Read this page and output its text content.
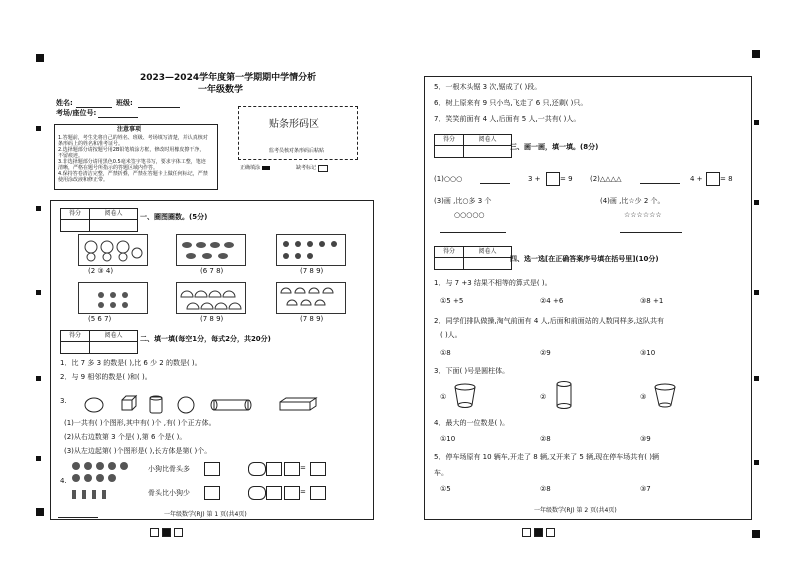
2023—2024学年度第一学期期中学情分析
一年级数学
姓名:	班级:
考场/座位号:
注意事项
1.答题前，考生先将自己的姓名、班级、考场填写清楚，并认真核对
条形码上的姓名和准考证号。
2.选择题部分请按题号用2B铅笔填涂方框，修改时用橡皮擦干净，
不留痕迹。
3.非选择题部分请用黑色0.5毫米签字笔书写，要求字体工整，笔迹
清晰，严格在题号所指示的答题区域内作答。
4.保持答卷清洁完整，严禁折叠，严禁在答题卡上做任何标记，严禁
使用涂改液和修正带。
贴条形码区
监考员核对条形码后粘贴
正确填涂	缺考标记
得分	阅卷人	一、圈图圈数。(5分)
(2 ③ 4)	(6 7 8)	(7 8 9)
(5 6 7)	(7 8 9)	(7 8 9)
得分	阅卷人	二、填一填(每空1分，每式2分，共20分)
1．比 7 多 3 的数是( ),比 6 少 2 的数是( )。
2．与 9 相邻的数是( )和( )。
3.
(1)一共有( )个图形,其中有( )个 ,有( )个正方体。
(2)从右边数第 3 个是( ),第 6 个是( )。
(3)从左边起第( )个图形是( ),长方体是第( )个。
4.
小狗比骨头多	=
骨头比小狗少	=
一年级数学(RJ) 第 1 页(共4页)
5．一根木头锯 3 次,锯成了( )段。
6．树上原来有 9 只小鸟,飞走了 6 只,还剩( )只。
7．笑笑前面有 4 人,后面有 5 人,一共有( )人。
得分	阅卷人
三、画一画，填一填。(8分)
(1)○○○	3 +	= 9 (2)△△△△	4 + = 8
(3)画 ,比○多 3 个
○○○○○
(4)画 ,比☆少 2 个。
☆☆☆☆☆☆
得分	阅卷人
四、选一选[在正确答案序号填在括号里](10分)
1．与 7 +3 结果不相等的算式是( )。
①5 +5	②4 +6	③8 +1
2．同学们排队做操,淘气前面有 4 人,后面和前面站的人数同样多,这队共有
( )人。
①8	②9	③10
3．下面( )号是圆柱体。
①	②	③
4．最大的一位数是( )。
①10	②8	③9
5．停车场原有 10 辆车,开走了 8 辆,又开来了 5 辆,现在停车场共有( )辆
车。
①5	②8	③7
一年级数学(RJ) 第 2 页(共4页)
